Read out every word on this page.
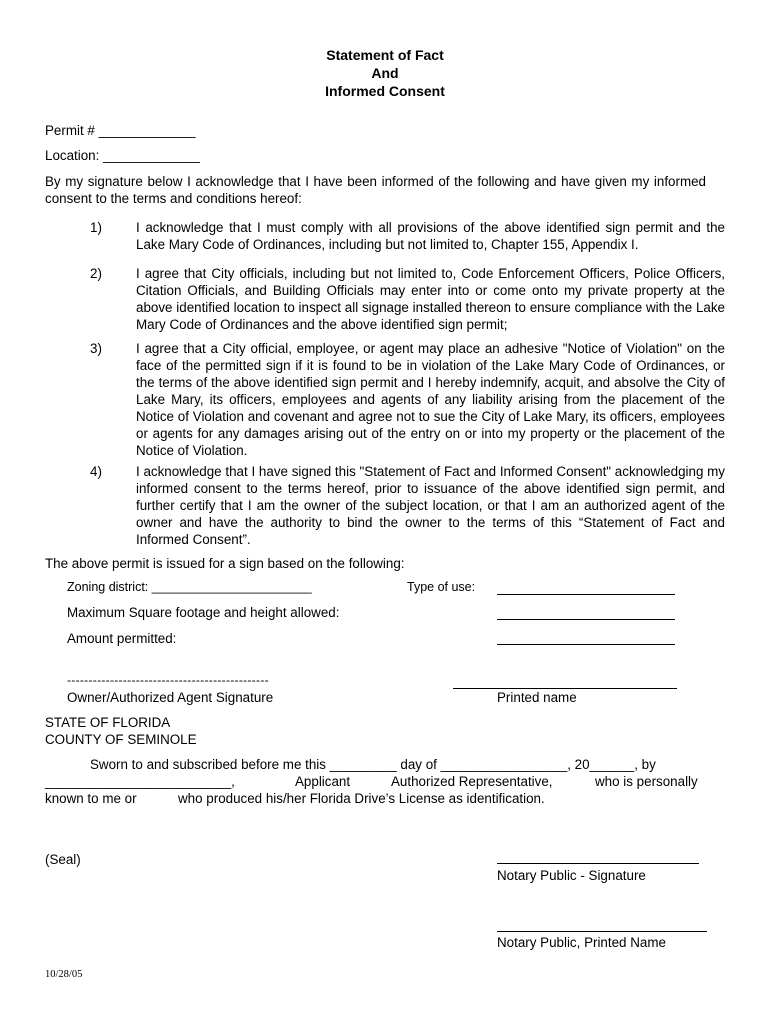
Statement of Fact
And
Informed Consent
Permit # _____________
Location: _____________
By my signature below I acknowledge that I have been informed of the following and have given my informed consent to the terms and conditions hereof:
1)	I acknowledge that I must comply with all provisions of the above identified sign permit and the Lake Mary Code of Ordinances, including but not limited to, Chapter 155, Appendix I.
2)	I agree that City officials, including but not limited to, Code Enforcement Officers, Police Officers, Citation Officials, and Building Officials may enter into or come onto my private property at the above identified location to inspect all signage installed thereon to ensure compliance with the Lake Mary Code of Ordinances and the above identified sign permit;
3)	I agree that a City official, employee, or agent may place an adhesive "Notice of Violation" on the face of the permitted sign if it is found to be in violation of the Lake Mary Code of Ordinances, or the terms of the above identified sign permit and I hereby indemnify, acquit, and absolve the City of Lake Mary, its officers, employees and agents of any liability arising from the placement of the Notice of Violation and covenant and agree not to sue the City of Lake Mary, its officers, employees or agents for any damages arising out of the entry on or into my property or the placement of the Notice of Violation.
4)	I acknowledge that I have signed this "Statement of Fact and Informed Consent" acknowledging my informed consent to the terms hereof, prior to issuance of the above identified sign permit, and further certify that I am the owner of the subject location, or that I am an authorized agent of the owner and have the authority to bind the owner to the terms of this “Statement of Fact and Informed Consent”.
The above permit is issued for a sign based on the following:
Zoning district: _______________________	Type of use:
Maximum Square footage and height allowed:
Amount permitted:
-----------------------------------------------
Owner/Authorized Agent Signature	Printed name
STATE OF FLORIDA
COUNTY OF SEMINOLE
Sworn to and subscribed before me this _________ day of _________________, 20______, by
_________________________,	Applicant	Authorized Representative,	who is personally
known to me or	who produced his/her Florida Drive’s License as identification.
(Seal)
Notary Public - Signature
Notary Public, Printed Name
10/28/05
